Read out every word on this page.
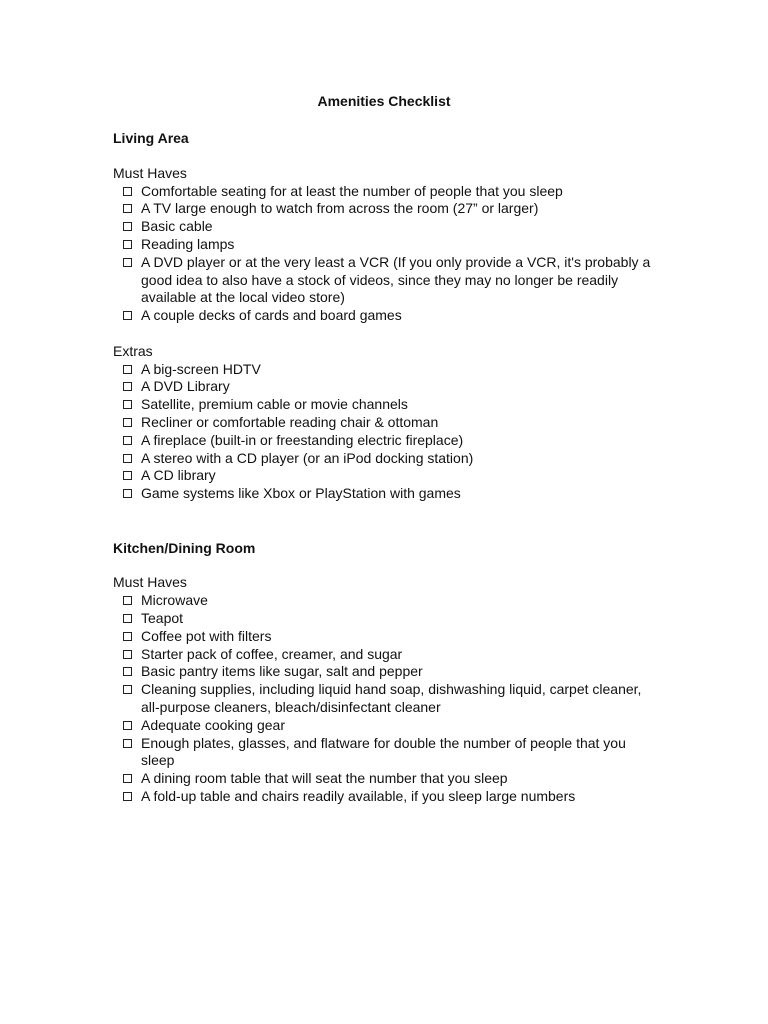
Amenities Checklist
Living Area

Must Haves

Comfortable seating for at least the number of people that you sleep
A TV large enough to watch from across the room (27” or larger)
Basic cable
Reading lamps
A DVD player or at the very least a VCR (If you only provide a VCR, it's probably a good idea to also have a stock of videos, since they may no longer be readily available at the local video store)
A couple decks of cards and board games

Extras

A big-screen HDTV
A DVD Library
Satellite, premium cable or movie channels
Recliner or comfortable reading chair & ottoman
A fireplace (built-in or freestanding electric fireplace)
A stereo with a CD player (or an iPod docking station)
A CD library
Game systems like Xbox or PlayStation with games
Kitchen/Dining Room

Must Haves

Microwave
Teapot
Coffee pot with filters
Starter pack of coffee, creamer, and sugar
Basic pantry items like sugar, salt and pepper
Cleaning supplies, including liquid hand soap, dishwashing liquid, carpet cleaner, all-purpose cleaners, bleach/disinfectant cleaner
Adequate cooking gear
Enough plates, glasses, and flatware for double the number of people that you sleep
A dining room table that will seat the number that you sleep
A fold-up table and chairs readily available, if you sleep large numbers
